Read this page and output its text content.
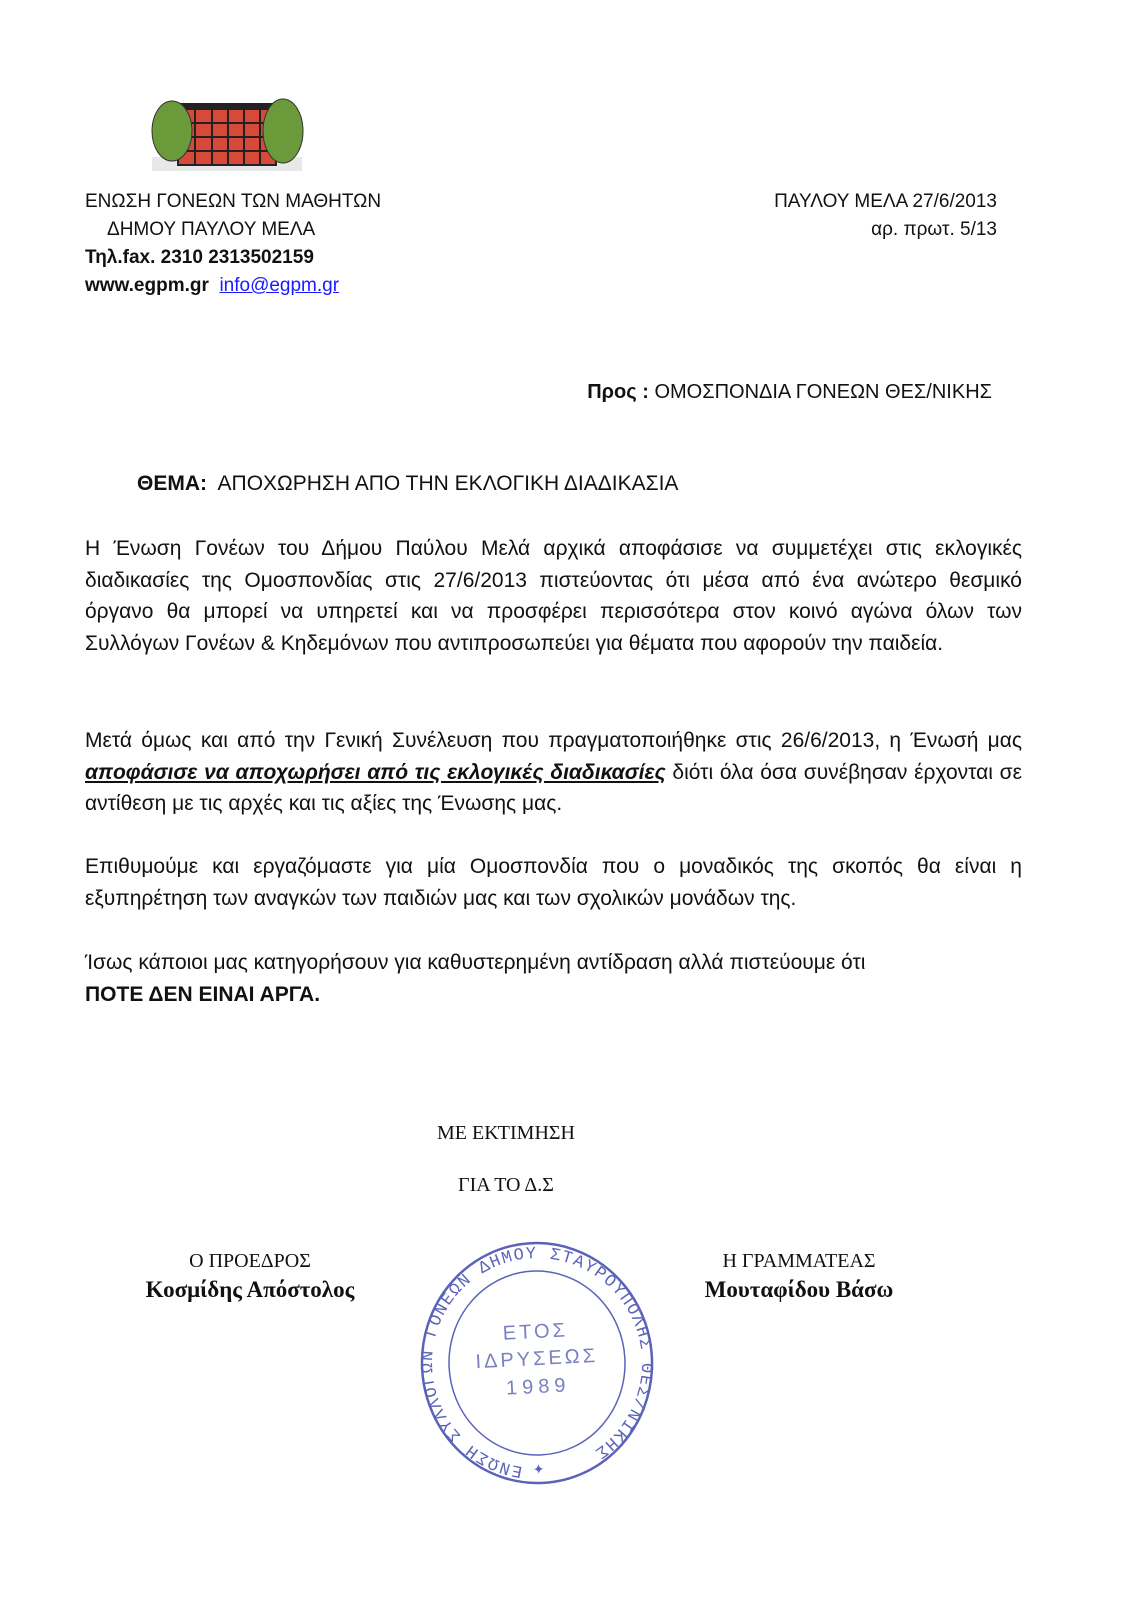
ΕΝΩΣΗ ΓΟΝΕΩΝ ΤΩΝ ΜΑΘΗΤΩΝ
ΔΗΜΟΥ ΠΑΥΛΟΥ ΜΕΛΑ
Τηλ.fax. 2310 2313502159
www.egpm.gr info@egpm.gr
ΠΑΥΛΟΥ ΜΕΛΑ 27/6/2013
αρ. πρωτ. 5/13
Προς : ΟΜΟΣΠΟΝΔΙΑ ΓΟΝΕΩΝ ΘΕΣ/ΝΙΚΗΣ
ΘΕΜΑ: ΑΠΟΧΩΡΗΣΗ ΑΠΟ ΤΗΝ ΕΚΛΟΓΙΚΗ ΔΙΑΔΙΚΑΣΙΑ
Η Ένωση Γονέων του Δήμου Παύλου Μελά αρχικά αποφάσισε να συμμετέχει στις εκλογικές διαδικασίες της Ομοσπονδίας στις 27/6/2013 πιστεύοντας ότι μέσα από ένα ανώτερο θεσμικό όργανο θα μπορεί να υπηρετεί και να προσφέρει περισσότερα στον κοινό αγώνα όλων των Συλλόγων Γονέων & Κηδεμόνων που αντιπροσωπεύει για θέματα που αφορούν την παιδεία.
Μετά όμως και από την Γενική Συνέλευση που πραγματοποιήθηκε στις 26/6/2013, η Ένωσή μας αποφάσισε να αποχωρήσει από τις εκλογικές διαδικασίες διότι όλα όσα συνέβησαν έρχονται σε αντίθεση με τις αρχές και τις αξίες της Ένωσης μας.
Επιθυμούμε και εργαζόμαστε για μία Ομοσπονδία που ο μοναδικός της σκοπός θα είναι η εξυπηρέτηση των αναγκών των παιδιών μας και των σχολικών μονάδων της.
Ίσως κάποιοι μας κατηγορήσουν για καθυστερημένη αντίδραση αλλά πιστεύουμε ότι
ΠΟΤΕ ΔΕΝ ΕΙΝΑΙ ΑΡΓΑ.
ΜΕ ΕΚΤΙΜΗΣΗ
ΓΙΑ ΤΟ Δ.Σ
Ο ΠΡΟΕΔΡΟΣ
Κοσμίδης Απόστολος
Η ΓΡΑΜΜΑΤΕΑΣ
Μουταφίδου Βάσω
ΕΝΩΣΗ ΣΥΛΛΟΓΩΝ ΓΟΝΕΩΝ ΔΗΜΟΥ ΣΤΑΥΡΟΥΠΟΛΗΣ ΘΕΣ/ΝΙΚΗΣ
ΕΤΟΣ
ΙΔΡΥΣΕΩΣ
1989
✦
